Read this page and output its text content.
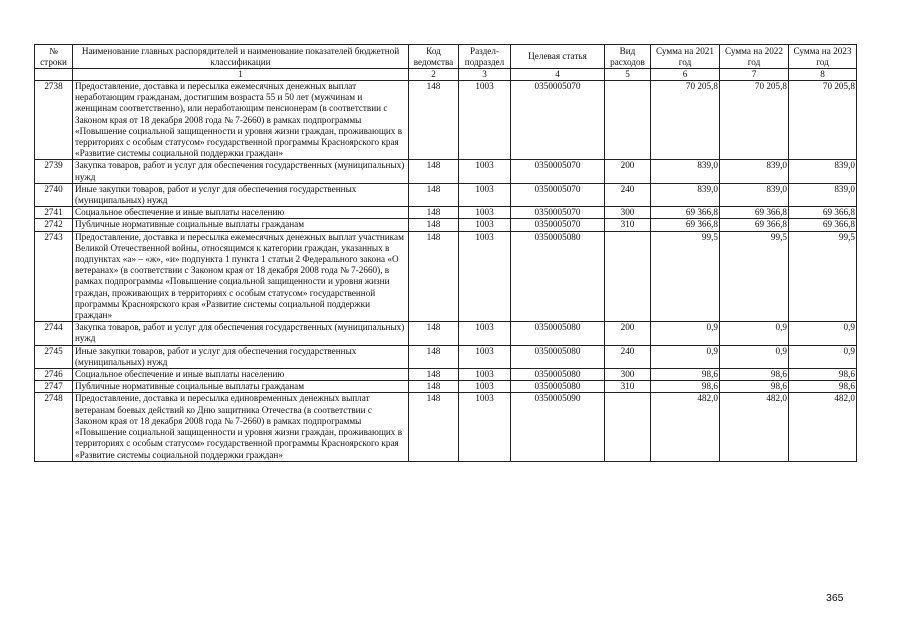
№ строки	Наименование главных распорядителей и наименование показателей бюджетной классификации	Код ведомства	Раздел-подраздел	Целевая статья	Вид расходов	Сумма на 2021 год	Сумма на 2022 год	Сумма на 2023 год
	1	2	3	4	5	6	7	8
2738	Предоставление, доставка и пересылка ежемесячных денежных выплат неработающим гражданам, достигшим возраста 55 и 50 лет (мужчинам и женщинам соответственно), или неработающим пенсионерам (в соответствии с Законом края от 18 декабря 2008 года № 7-2660) в рамках подпрограммы «Повышение социальной защищенности и уровня жизни граждан, проживающих в территориях с особым статусом» государственной программы Красноярского края «Развитие системы социальной поддержки граждан»	148	1003	0350005070		70 205,8	70 205,8	70 205,8
2739	Закупка товаров, работ и услуг для обеспечения государственных (муниципальных) нужд	148	1003	0350005070	200	839,0	839,0	839,0
2740	Иные закупки товаров, работ и услуг для обеспечения государственных (муниципальных) нужд	148	1003	0350005070	240	839,0	839,0	839,0
2741	Социальное обеспечение и иные выплаты населению	148	1003	0350005070	300	69 366,8	69 366,8	69 366,8
2742	Публичные нормативные социальные выплаты гражданам	148	1003	0350005070	310	69 366,8	69 366,8	69 366,8
2743	Предоставление, доставка и пересылка ежемесячных денежных выплат участникам Великой Отечественной войны, относящимся к категории граждан, указанных в подпунктах «а» – «ж», «и» подпункта 1 пункта 1 статьи 2 Федерального закона «О ветеранах» (в соответствии с Законом края от 18 декабря 2008 года № 7-2660), в рамках подпрограммы «Повышение социальной защищенности и уровня жизни граждан, проживающих в территориях с особым статусом» государственной программы Красноярского края «Развитие системы социальной поддержки граждан»	148	1003	0350005080		99,5	99,5	99,5
2744	Закупка товаров, работ и услуг для обеспечения государственных (муниципальных) нужд	148	1003	0350005080	200	0,9	0,9	0,9
2745	Иные закупки товаров, работ и услуг для обеспечения государственных (муниципальных) нужд	148	1003	0350005080	240	0,9	0,9	0,9
2746	Социальное обеспечение и иные выплаты населению	148	1003	0350005080	300	98,6	98,6	98,6
2747	Публичные нормативные социальные выплаты гражданам	148	1003	0350005080	310	98,6	98,6	98,6
2748	Предоставление, доставка и пересылка единовременных денежных выплат ветеранам боевых действий ко Дню защитника Отечества (в соответствии с Законом края от 18 декабря 2008 года № 7-2660) в рамках подпрограммы «Повышение социальной защищенности и уровня жизни граждан, проживающих в территориях с особым статусом» государственной программы Красноярского края «Развитие системы социальной поддержки граждан»	148	1003	0350005090		482,0	482,0	482,0
365
